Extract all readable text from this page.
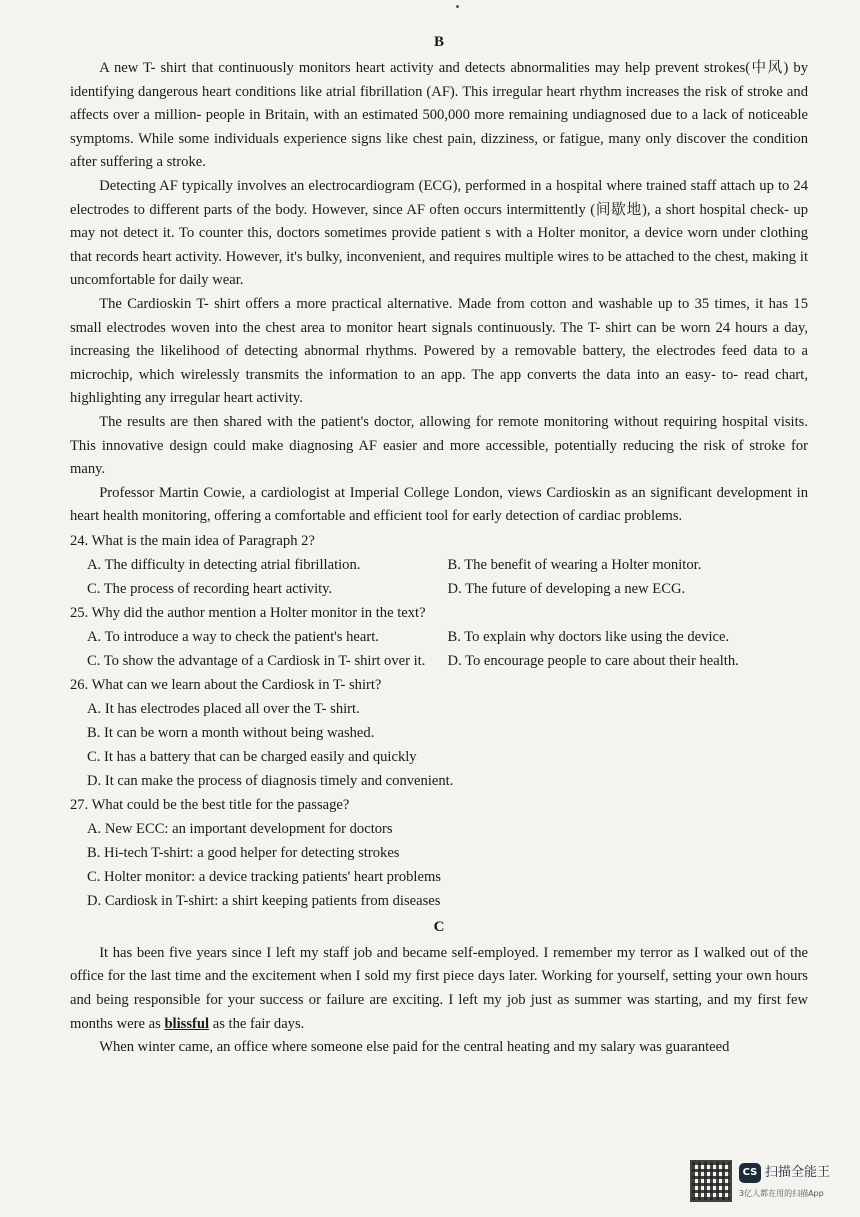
B

A new T- shirt that continuously monitors heart activity and detects abnormalities may help prevent strokes(中风) by identifying dangerous heart conditions like atrial fibrillation (AF). This irregular heart rhythm increases the risk of stroke and affects over a million- people in Britain, with an estimated 500,000 more remaining undiagnosed due to a lack of noticeable symptoms. While some individuals experience signs like chest pain, dizziness, or fatigue, many only discover the condition after suffering a stroke.

Detecting AF typically involves an electrocardiogram (ECG), performed in a hospital where trained staff attach up to 24 electrodes to different parts of the body. However, since AF often occurs intermittently (间歇地), a short hospital check- up may not detect it. To counter this, doctors sometimes provide patient s with a Holter monitor, a device worn under clothing that records heart activity. However, it's bulky, inconvenient, and requires multiple wires to be attached to the chest, making it uncomfortable for daily wear.

The Cardioskin T- shirt offers a more practical alternative. Made from cotton and washable up to 35 times, it has 15 small electrodes woven into the chest area to monitor heart signals continuously. The T- shirt can be worn 24 hours a day, increasing the likelihood of detecting abnormal rhythms. Powered by a removable battery, the electrodes feed data to a microchip, which wirelessly transmits the information to an app. The app converts the data into an easy- to- read chart, highlighting any irregular heart activity.

The results are then shared with the patient's doctor, allowing for remote monitoring without requiring hospital visits. This innovative design could make diagnosing AF easier and more accessible, potentially reducing the risk of stroke for many.

Professor Martin Cowie, a cardiologist at Imperial College London, views Cardioskin as an significant development in heart health monitoring, offering a comfortable and efficient tool for early detection of cardiac problems.

24. What is the main idea of Paragraph 2?

A. The difficulty in detecting atrial fibrillation.	B. The benefit of wearing a Holter monitor.
C. The process of recording heart activity.	D. The future of developing a new ECG.

25. Why did the author mention a Holter monitor in the text?

A. To introduce a way to check the patient's heart.	B. To explain why doctors like using the device.
C. To show the advantage of a Cardiosk in T- shirt over it.	D. To encourage people to care about their health.

26. What can we learn about the Cardiosk in T- shirt?

A. It has electrodes placed all over the T- shirt.
B. It can be worn a month without being washed.
C. It has a battery that can be charged easily and quickly
D. It can make the process of diagnosis timely and convenient.

27. What could be the best title for the passage?

A. New ECC: an important development for doctors
B. Hi-tech T-shirt: a good helper for detecting strokes
C. Holter monitor: a device tracking patients' heart problems
D. Cardiosk in T-shirt: a shirt keeping patients from diseases
C

It has been five years since I left my staff job and became self-employed. I remember my terror as I walked out of the office for the last time and the excitement when I sold my first piece days later. Working for yourself, setting your own hours and being responsible for your success or failure are exciting. I left my job just as summer was starting, and my first few months were as blissful as the fair days.

When winter came, an office where someone else paid for the central heating and my salary was guaranteed

CS 扫描全能王
3亿人都在用的扫描App
